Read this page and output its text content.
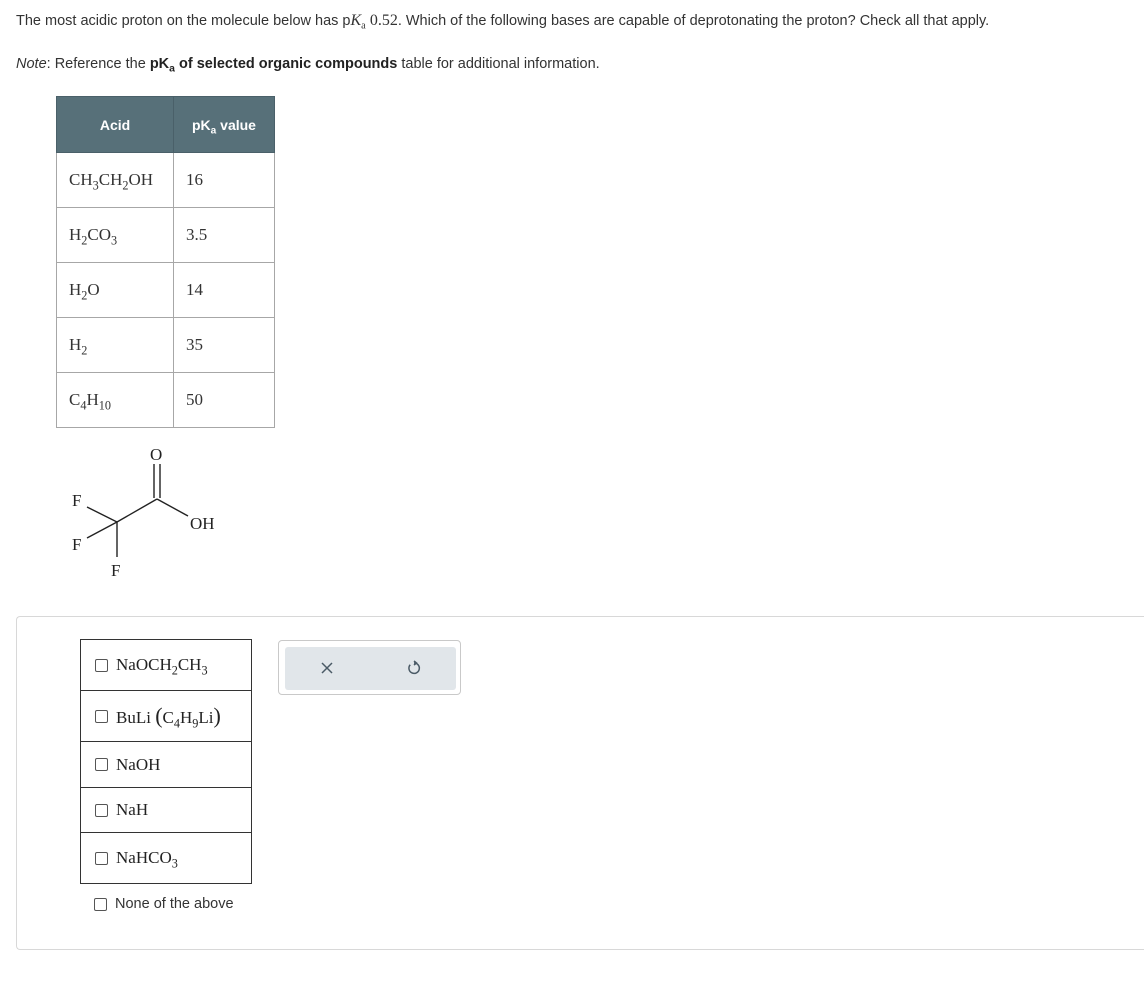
The most acidic proton on the molecule below has $pK_a$ 0.52. Which of the following bases are capable of deprotonating the proton? Check all that apply.
Note: Reference the $pK_a$ of selected organic compounds table for additional information.
Acid	$pK_a$ value
$CH_3CH_2OH$	16
$H_2CO_3$	3.5
$H_2O$	14
$H_2$	35
$C_4H_{10}$	50
O
OH
F
F
F
$NaOCH_2CH_3$
BuLi $(C_4H_9Li)$
NaOH
NaH
NaHCO$_3$
None of the above
